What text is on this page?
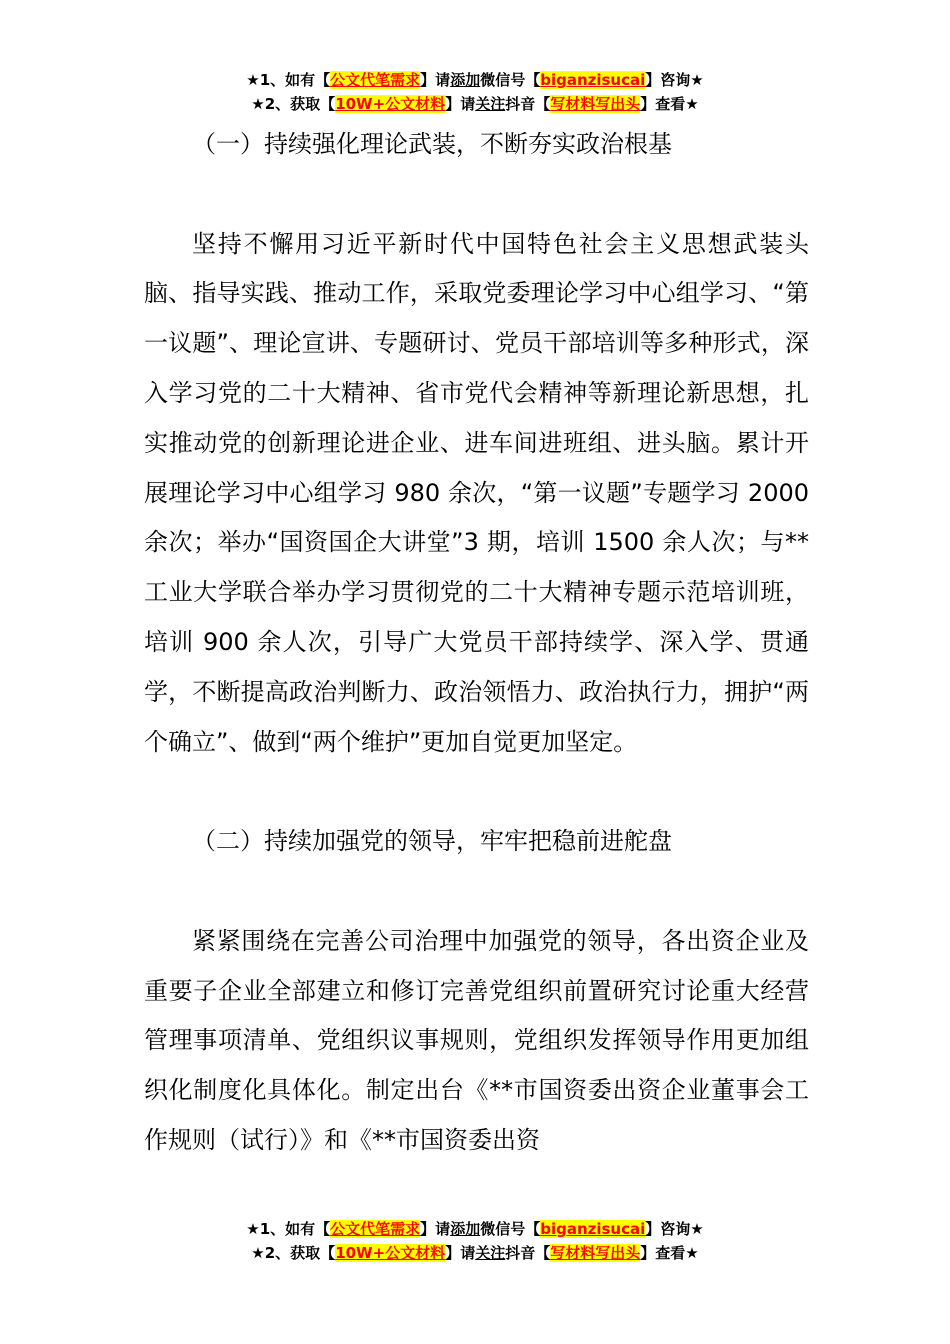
★1、如有【公文代笔需求】请添加微信号【biganzisucai】咨询★
★2、获取【10W+公文材料】请关注抖音【写材料写出头】查看★

（一）持续强化理论武装，不断夯实政治根基

坚持不懈用习近平新时代中国特色社会主义思想武装头脑、指导实践、推动工作，采取党委理论学习中心组学习、“第一议题”、理论宣讲、专题研讨、党员干部培训等多种形式，深入学习党的二十大精神、省市党代会精神等新理论新思想，扎实推动党的创新理论进企业、进车间进班组、进头脑。累计开展理论学习中心组学习 980 余次，“第一议题”专题学习 2000 余次；举办“国资国企大讲堂”3 期，培训 1500 余人次；与**工业大学联合举办学习贯彻党的二十大精神专题示范培训班，培训 900 余人次，引导广大党员干部持续学、深入学、贯通学，不断提高政治判断力、政治领悟力、政治执行力，拥护“两个确立”、做到“两个维护”更加自觉更加坚定。

（二）持续加强党的领导，牢牢把稳前进舵盘

紧紧围绕在完善公司治理中加强党的领导，各出资企业及重要子企业全部建立和修订完善党组织前置研究讨论重大经营管理事项清单、党组织议事规则，党组织发挥领导作用更加组织化制度化具体化。制定出台《**市国资委出资企业董事会工作规则（试行）》和《**市国资委出资

★1、如有【公文代笔需求】请添加微信号【biganzisucai】咨询★
★2、获取【10W+公文材料】请关注抖音【写材料写出头】查看★
